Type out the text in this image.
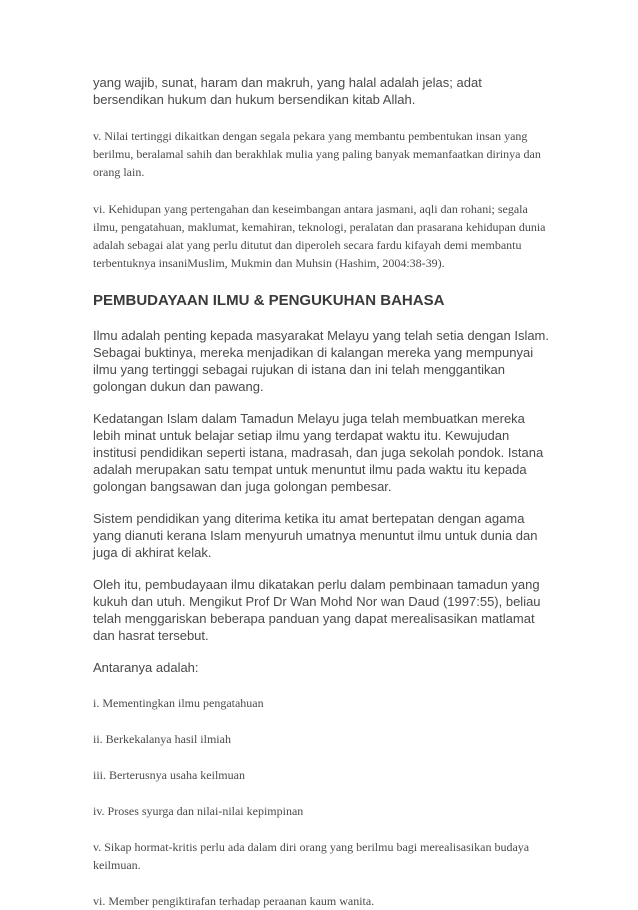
yang wajib, sunat, haram dan makruh, yang halal adalah jelas; adat bersendikan hukum dan hukum bersendikan kitab Allah.

v. Nilai tertinggi dikaitkan dengan segala pekara yang membantu pembentukan insan yang berilmu, beralamal sahih dan berakhlak mulia yang paling banyak memanfaatkan dirinya dan orang lain.

vi. Kehidupan yang pertengahan dan keseimbangan antara jasmani, aqli dan rohani; segala ilmu, pengatahuan, maklumat, kemahiran, teknologi, peralatan dan prasarana kehidupan dunia adalah sebagai alat yang perlu ditutut dan diperoleh secara fardu kifayah demi membantu terbentuknya insaniMuslim, Mukmin dan Muhsin (Hashim, 2004:38-39).

PEMBUDAYAAN ILMU & PENGUKUHAN BAHASA

Ilmu adalah penting kepada masyarakat Melayu yang telah setia dengan Islam. Sebagai buktinya, mereka menjadikan di kalangan mereka yang mempunyai ilmu yang tertinggi sebagai rujukan di istana dan ini telah menggantikan golongan dukun dan pawang.

Kedatangan Islam dalam Tamadun Melayu juga telah membuatkan mereka lebih minat untuk belajar setiap ilmu yang terdapat waktu itu. Kewujudan institusi pendidikan seperti istana, madrasah, dan juga sekolah pondok. Istana adalah merupakan satu tempat untuk menuntut ilmu pada waktu itu kepada golongan bangsawan dan juga golongan pembesar.

Sistem pendidikan yang diterima ketika itu amat bertepatan dengan agama yang dianuti kerana Islam menyuruh umatnya menuntut ilmu untuk dunia dan juga di akhirat kelak.

Oleh itu, pembudayaan ilmu dikatakan perlu dalam pembinaan tamadun yang kukuh dan utuh. Mengikut Prof Dr Wan Mohd Nor wan Daud (1997:55), beliau telah menggariskan beberapa panduan yang dapat merealisasikan matlamat dan hasrat tersebut.

Antaranya adalah:

i. Mementingkan ilmu pengatahuan

ii. Berkekalanya hasil ilmiah

iii. Berterusnya usaha keilmuan

iv. Proses syurga dan nilai-nilai kepimpinan

v. Sikap hormat-kritis perlu ada dalam diri orang yang berilmu bagi merealisasikan budaya keilmuan.

vi. Member pengiktirafan terhadap peraanan kaum wanita.
